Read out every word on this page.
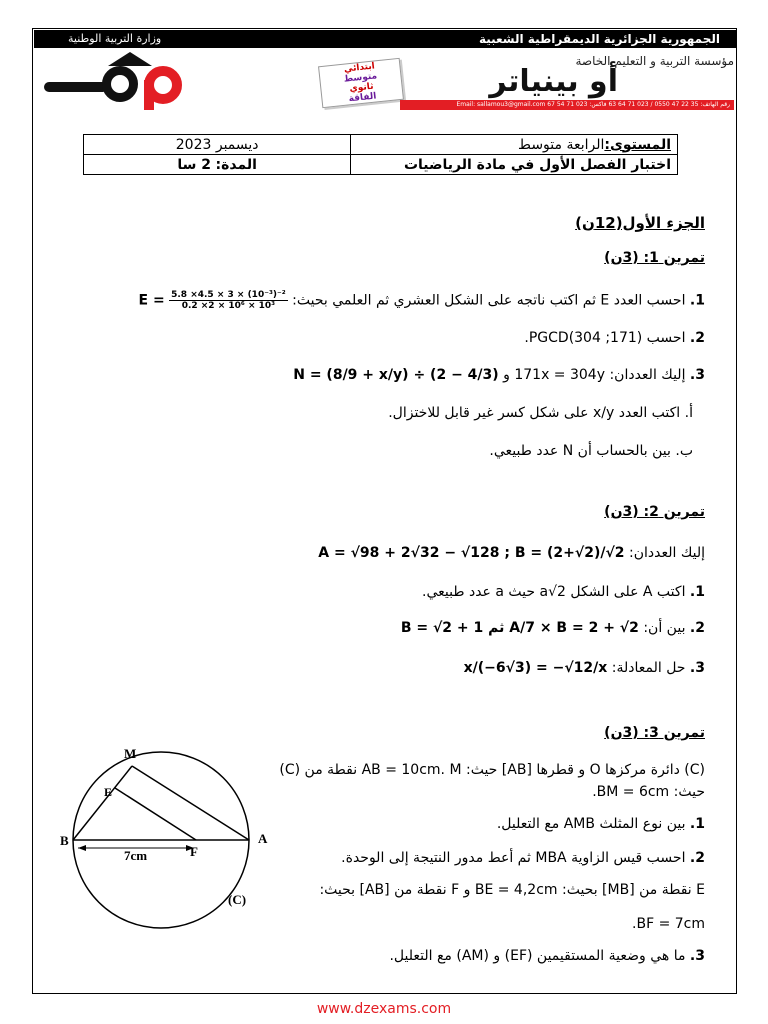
الجمهورية الجزائرية الديمقراطية الشعبية
وزارة التربية الوطنية
مؤسسة التربية و التعليم الخاصة
أو بينياتر
ابتدائي
متوسط
ثانوي
الفاقة
رقم الهاتف: 35 22 47 0550 / 023 71 64 63 فاكس: 023 71 54 67 Email: sallamou3@gmail.com
المستوى:الرابعة متوسط	ديسمبر 2023
اختبار الفصل الأول في مادة الرياضيات	المدة: 2 سا
الجزء الأول(12ن)
تمرين 1: (3ن)
1. احسب العدد E ثم اكتب ناتجه على الشكل العشري ثم العلمي بحيث:
$\frac{\text{5.8 ×4.5 × 3 × (10⁻³)⁻²}}{\text{0.2 ×2 × 10⁶ × 10³}}$
E =
2. احسب PGCD(304 ;171).
3. إليك العددان: 171x = 304y و N = (8/9 + x/y) ÷ (2 − 4/3)
أ. اكتب العدد x/y على شكل كسر غير قابل للاختزال.
ب. بين بالحساب أن N عدد طبيعي.
تمرين 2: (3ن)
إليك العددان: A = √98 + 2√32 − √128 ; B = (2+√2)/√2
1. اكتب A على الشكل a√2 حيث a عدد طبيعي.
2. بين أن: B = √2 + 1 ثم A/7 × B = 2 + √2
3. حل المعادلة: x/(−6√3) = −√12/x
تمرين 3: (3ن)
(C) دائرة مركزها O و قطرها [AB] حيث: AB = 10cm. M نقطة من (C)
حيث: BM = 6cm.
1. بين نوع المثلث AMB مع التعليل.
2. احسب قيس الزاوية MBA ثم أعط مدور النتيجة إلى الوحدة.
E نقطة من [MB] بحيث: BE = 4,2cm و F نقطة من [AB] بحيث:
BF = 7cm.
3. ما هي وضعية المستقيمين (EF) و (AM) مع التعليل.
M
E
B	A
F
7cm
(C)
www.dzexams.com
